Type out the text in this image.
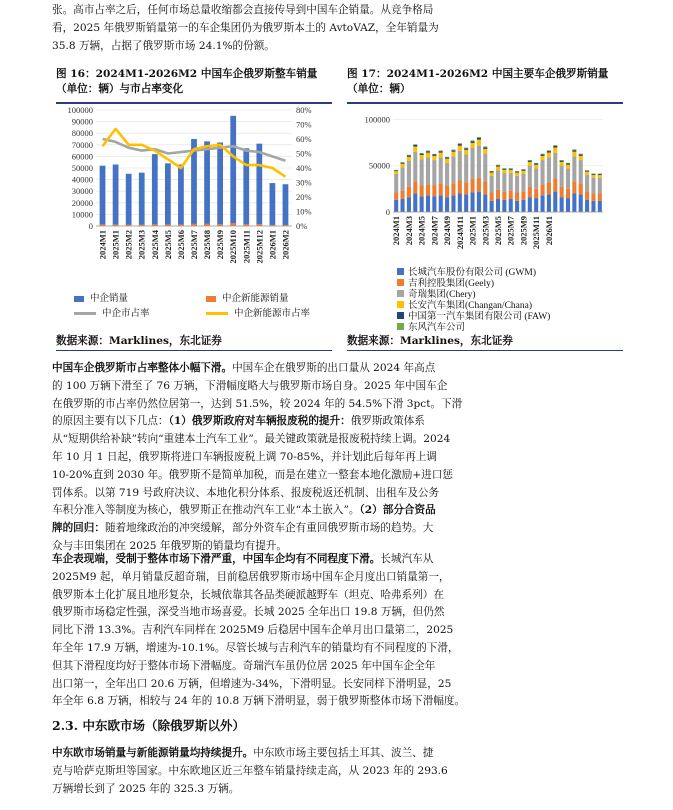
张。高市占率之后，任何市场总量收缩都会直接传导到中国车企销量。从竞争格局
看，2025 年俄罗斯销量第一的车企集团仍为俄罗斯本土的 AvtoVAZ，全年销量为
35.8 万辆，占据了俄罗斯市场 24.1%的份额。
图 16：2024M1-2026M2 中国车企俄罗斯整车销量
（单位：辆）与市占率变化
图 17：2024M1-2026M2 中国主要车企俄罗斯销量
（单位：辆）
0
10000
20000
30000
40000
50000
60000
70000
80000
90000
100000
0%
10%
20%
30%
40%
50%
60%
70%
80%
2024M1 2025M1 2025M2 2025M3 2025M4 2025M5 2025M6 2025M7 2025M8 2025M9 2025M10 2025M11 2025M12 2026M1 2026M2
中企销量	中企新能源销量
中企市占率	中企新能源市占率
0
50000
100000
2024M1 2024M3 2024M5 2024M7 2024M9 2024M11 2025M1 2025M3 2025M5 2025M7 2025M9 2025M11 2026M1
长城汽车股份有限公司 (GWM)
吉利控股集团(Geely)
奇瑞集团(Chery)
长安汽车集团(Changan/Chana)
中国第一汽车集团有限公司 (FAW)
东风汽车公司
数据来源：Marklines，东北证券	数据来源：Marklines，东北证券
中国车企俄罗斯市占率整体小幅下滑。中国车企在俄罗斯的出口量从 2024 年高点
的 100 万辆下滑至了 76 万辆，下滑幅度略大与俄罗斯市场自身。2025 年中国车企
在俄罗斯的市占率仍然位居第一，达到 51.5%，较 2024 年的 54.5%下滑 3pct。下滑
的原因主要有以下几点：（1）俄罗斯政府对车辆报废税的提升：俄罗斯政策体系
从“短期供给补缺”转向“重建本土汽车工业”。最关键政策就是报废税持续上调。2024
年 10 月 1 日起，俄罗斯将进口车辆报废税上调 70-85%，并计划此后每年再上调
10-20%直到 2030 年。俄罗斯不是简单加税，而是在建立一整套本地化激励+进口惩
罚体系。以第 719 号政府决议、本地化积分体系、报废税返还机制、出租车及公务
车积分准入等制度为核心，俄罗斯正在推动汽车工业“本土嵌入”。（2）部分合资品
牌的回归：随着地缘政治的冲突缓解，部分外资车企有重回俄罗斯市场的趋势。大
众与丰田集团在 2025 年俄罗斯的销量均有提升。
车企表现端，受制于整体市场下滑严重，中国车企均有不同程度下滑。长城汽车从
2025M9 起，单月销量反超奇瑞，目前稳居俄罗斯市场中国车企月度出口销量第一，
俄罗斯本土化扩展且地形复杂，长城依靠其各品类硬派越野车（坦克、哈弗系列）在
俄罗斯市场稳定性强，深受当地市场喜爱。长城 2025 全年出口 19.8 万辆，但仍然
同比下滑 13.3%。吉利汽车同样在 2025M9 后稳居中国车企单月出口量第二，2025
年全年 17.9 万辆，增速为-10.1%。尽管长城与吉利汽车的销量均有不同程度的下滑，
但其下滑程度均好于整体市场下滑幅度。奇瑞汽车虽仍位居 2025 年中国车企全年
出口第一，全年出口 20.6 万辆，但增速为-34%，下滑明显。长安同样下滑明显，25
年全年 6.8 万辆，相较与 24 年的 10.8 万辆下滑明显，弱于俄罗斯整体市场下滑幅度。
2.3. 中东欧市场（除俄罗斯以外）
中东欧市场销量与新能源销量均持续提升。中东欧市场主要包括土耳其、波兰、捷
克与哈萨克斯坦等国家。中东欧地区近三年整车销量持续走高，从 2023 年的 293.6
万辆增长到了 2025 年的 325.3 万辆。
